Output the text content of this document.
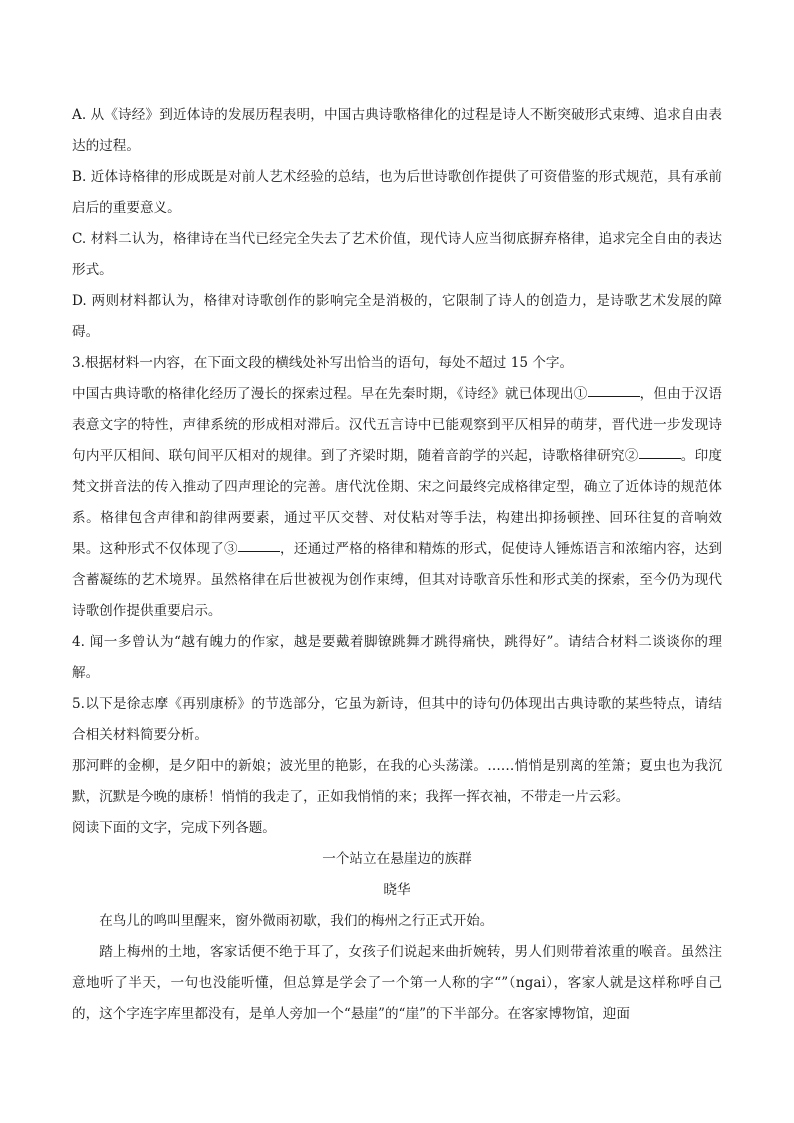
A. 从《诗经》到近体诗的发展历程表明，中国古典诗歌格律化的过程是诗人不断突破形式束缚、追求自由表达的过程。

B. 近体诗格律的形成既是对前人艺术经验的总结，也为后世诗歌创作提供了可资借鉴的形式规范，具有承前启后的重要意义。

C. 材料二认为，格律诗在当代已经完全失去了艺术价值，现代诗人应当彻底摒弃格律，追求完全自由的表达形式。

D. 两则材料都认为，格律对诗歌创作的影响完全是消极的，它限制了诗人的创造力，是诗歌艺术发展的障碍。

3.根据材料一内容，在下面文段的横线处补写出恰当的语句，每处不超过 15 个字。

中国古典诗歌的格律化经历了漫长的探索过程。早在先秦时期，《诗经》就已体现出①	，但由于汉语表意文字的特性，声律系统的形成相对滞后。汉代五言诗中已能观察到平仄相异的萌芽，晋代进一步发现诗句内平仄相间、联句间平仄相对的规律。到了齐梁时期，随着音韵学的兴起，诗歌格律研究②	。印度梵文拼音法的传入推动了四声理论的完善。唐代沈佺期、宋之问最终完成格律定型，确立了近体诗的规范体系。格律包含声律和韵律两要素，通过平仄交替、对仗粘对等手法，构建出抑扬顿挫、回环往复的音响效果。这种形式不仅体现了③	，还通过严格的格律和精炼的形式，促使诗人锤炼语言和浓缩内容，达到含蓄凝练的艺术境界。虽然格律在后世被视为创作束缚，但其对诗歌音乐性和形式美的探索，至今仍为现代诗歌创作提供重要启示。

4. 闻一多曾认为“越有魄力的作家，越是要戴着脚镣跳舞才跳得痛快，跳得好”。请结合材料二谈谈你的理解。

5.以下是徐志摩《再别康桥》的节选部分，它虽为新诗，但其中的诗句仍体现出古典诗歌的某些特点，请结合相关材料简要分析。

那河畔的金柳，是夕阳中的新娘；波光里的艳影，在我的心头荡漾。……悄悄是别离的笙箫；夏虫也为我沉默，沉默是今晚的康桥！悄悄的我走了，正如我悄悄的来；我挥一挥衣袖，不带走一片云彩。

阅读下面的文字，完成下列各题。

一个站立在悬崖边的族群

晓华

在鸟儿的鸣叫里醒来，窗外微雨初歇，我们的梅州之行正式开始。

踏上梅州的土地，客家话便不绝于耳了，女孩子们说起来曲折婉转，男人们则带着浓重的喉音。虽然注意地听了半天，一句也没能听懂，但总算是学会了一个第一人称的字“”（ngai），客家人就是这样称呼自己的，这个字连字库里都没有，是单人旁加一个“悬崖”的“崖”的下半部分。在客家博物馆，迎面
